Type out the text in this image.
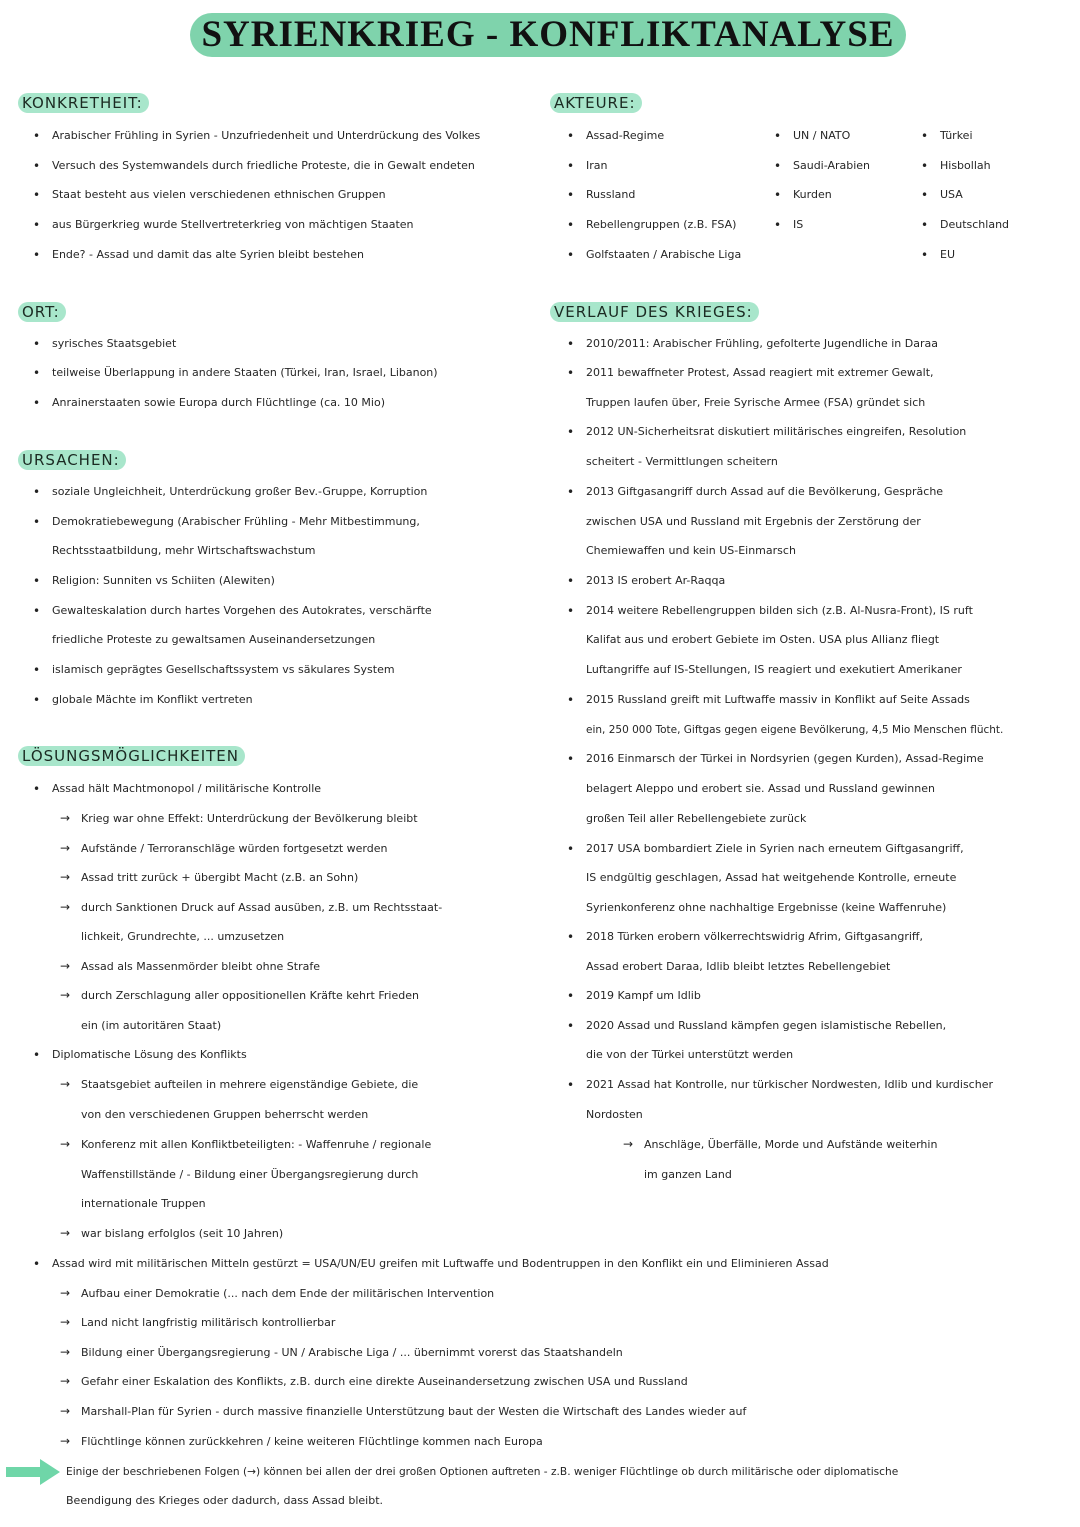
SYRIENKRIEG - KONFLIKTANALYSE
KONKRETHEIT:
• Arabischer Frühling in Syrien - Unzufriedenheit und Unterdrückung des Volkes
• Versuch des Systemwandels durch friedliche Proteste, die in Gewalt endeten
• Staat besteht aus vielen verschiedenen ethnischen Gruppen
• aus Bürgerkrieg wurde Stellvertreterkrieg von mächtigen Staaten
• Ende? - Assad und damit das alte Syrien bleibt bestehen
AKTEURE:
• Assad-Regime
• Iran
• Russland
• Rebellengruppen (z.B. FSA)
• Golfstaaten / Arabische Liga
• UN / NATO
• Saudi-Arabien
• Kurden
• IS
• Türkei
• Hisbollah
• USA
• Deutschland
• EU
ORT:
• syrisches Staatsgebiet
• teilweise Überlappung in andere Staaten (Türkei, Iran, Israel, Libanon)
• Anrainerstaaten sowie Europa durch Flüchtlinge (ca. 10 Mio)
URSACHEN:
• soziale Ungleichheit, Unterdrückung großer Bev.-Gruppe, Korruption
• Demokratiebewegung (Arabischer Frühling - Mehr Mitbestimmung,
Rechtsstaatbildung, mehr Wirtschaftswachstum
• Religion: Sunniten vs Schiiten (Alewiten)
• Gewalteskalation durch hartes Vorgehen des Autokrates, verschärfte
friedliche Proteste zu gewaltsamen Auseinandersetzungen
• islamisch geprägtes Gesellschaftssystem vs säkulares System
• globale Mächte im Konflikt vertreten
VERLAUF DES KRIEGES:
• 2010/2011: Arabischer Frühling, gefolterte Jugendliche in Daraa
• 2011 bewaffneter Protest, Assad reagiert mit extremer Gewalt,
Truppen laufen über, Freie Syrische Armee (FSA) gründet sich
• 2012 UN-Sicherheitsrat diskutiert militärisches eingreifen, Resolution
scheitert - Vermittlungen scheitern
• 2013 Giftgasangriff durch Assad auf die Bevölkerung, Gespräche
zwischen USA und Russland mit Ergebnis der Zerstörung der
Chemiewaffen und kein US-Einmarsch
• 2013 IS erobert Ar-Raqqa
• 2014 weitere Rebellengruppen bilden sich (z.B. Al-Nusra-Front), IS ruft
Kalifat aus und erobert Gebiete im Osten. USA plus Allianz fliegt
Luftangriffe auf IS-Stellungen, IS reagiert und exekutiert Amerikaner
• 2015 Russland greift mit Luftwaffe massiv in Konflikt auf Seite Assads
ein, 250 000 Tote, Giftgas gegen eigene Bevölkerung, 4,5 Mio Menschen flücht.
• 2016 Einmarsch der Türkei in Nordsyrien (gegen Kurden), Assad-Regime
belagert Aleppo und erobert sie. Assad und Russland gewinnen
großen Teil aller Rebellengebiete zurück
• 2017 USA bombardiert Ziele in Syrien nach erneutem Giftgasangriff,
IS endgültig geschlagen, Assad hat weitgehende Kontrolle, erneute
Syrienkonferenz ohne nachhaltige Ergebnisse (keine Waffenruhe)
• 2018 Türken erobern völkerrechtswidrig Afrim, Giftgasangriff,
Assad erobert Daraa, Idlib bleibt letztes Rebellengebiet
• 2019 Kampf um Idlib
• 2020 Assad und Russland kämpfen gegen islamistische Rebellen,
die von der Türkei unterstützt werden
• 2021 Assad hat Kontrolle, nur türkischer Nordwesten, Idlib und kurdischer
Nordosten
→ Anschläge, Überfälle, Morde und Aufstände weiterhin
im ganzen Land
LÖSUNGSMÖGLICHKEITEN
• Assad hält Machtmonopol / militärische Kontrolle
→ Krieg war ohne Effekt: Unterdrückung der Bevölkerung bleibt
→ Aufstände / Terroranschläge würden fortgesetzt werden
→ Assad tritt zurück + übergibt Macht (z.B. an Sohn)
→ durch Sanktionen Druck auf Assad ausüben, z.B. um Rechtsstaat-
lichkeit, Grundrechte, ... umzusetzen
→ Assad als Massenmörder bleibt ohne Strafe
→ durch Zerschlagung aller oppositionellen Kräfte kehrt Frieden
ein (im autoritären Staat)
• Diplomatische Lösung des Konflikts
→ Staatsgebiet aufteilen in mehrere eigenständige Gebiete, die
von den verschiedenen Gruppen beherrscht werden
→ Konferenz mit allen Konfliktbeteiligten: - Waffenruhe / regionale
Waffenstillstände / - Bildung einer Übergangsregierung durch
internationale Truppen
→ war bislang erfolglos (seit 10 Jahren)
• Assad wird mit militärischen Mitteln gestürzt = USA/UN/EU greifen mit Luftwaffe und Bodentruppen in den Konflikt ein und Eliminieren Assad
→ Aufbau einer Demokratie (... nach dem Ende der militärischen Intervention
→ Land nicht langfristig militärisch kontrollierbar
→ Bildung einer Übergangsregierung - UN / Arabische Liga / ... übernimmt vorerst das Staatshandeln
→ Gefahr einer Eskalation des Konflikts, z.B. durch eine direkte Auseinandersetzung zwischen USA und Russland
→ Marshall-Plan für Syrien - durch massive finanzielle Unterstützung baut der Westen die Wirtschaft des Landes wieder auf
→ Flüchtlinge können zurückkehren / keine weiteren Flüchtlinge kommen nach Europa
Einige der beschriebenen Folgen (→) können bei allen der drei großen Optionen auftreten - z.B. weniger Flüchtlinge ob durch militärische oder diplomatische
Beendigung des Krieges oder dadurch, dass Assad bleibt.
